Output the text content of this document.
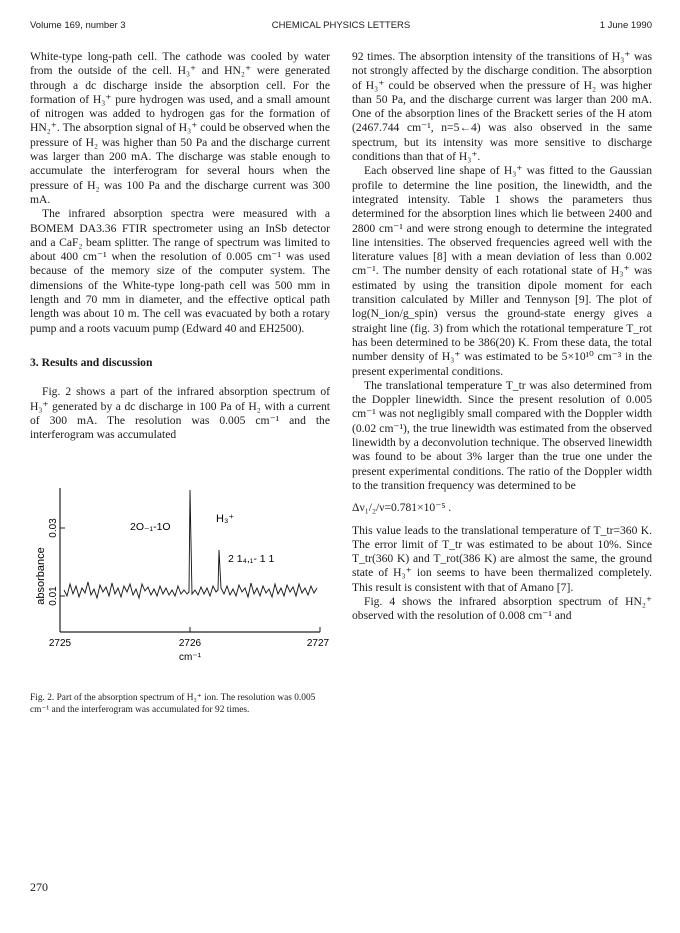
Volume 169, number 3	CHEMICAL PHYSICS LETTERS	1 June 1990

White-type long-path cell. The cathode was cooled by water from the outside of the cell. H₃⁺ and HN₂⁺ were generated through a dc discharge inside the absorption cell. For the formation of H₃⁺ pure hydrogen was used, and a small amount of nitrogen was added to hydrogen gas for the formation of HN₂⁺. The absorption signal of H₃⁺ could be observed when the pressure of H₂ was higher than 50 Pa and the discharge current was larger than 200 mA. The discharge was stable enough to accumulate the interferogram for several hours when the pressure of H₂ was 100 Pa and the discharge current was 300 mA.

The infrared absorption spectra were measured with a BOMEM DA3.36 FTIR spectrometer using an InSb detector and a CaF₂ beam splitter. The range of spectrum was limited to about 400 cm⁻¹ when the resolution of 0.005 cm⁻¹ was used because of the memory size of the computer system. The dimensions of the White-type long-path cell was 500 mm in length and 70 mm in diameter, and the effective optical path length was about 10 m. The cell was evacuated by both a rotary pump and a roots vacuum pump (Edward 40 and EH2500).

3. Results and discussion

Fig. 2 shows a part of the infrared absorption spectrum of H₃⁺ generated by a dc discharge in 100 Pa of H₂ with a current of 300 mA. The resolution was 0.005 cm⁻¹ and the interferogram was accumulated

absorbance
0.03
0.01
2725	2726	2727
cm⁻¹
2O₋₁-1O
2 1₄,₁- 1 1
H₃⁺
Fig. 2. Part of the absorption spectrum of H₃⁺ ion. The resolution was 0.005 cm⁻¹ and the interferogram was accumulated for 92 times.

92 times. The absorption intensity of the transitions of H₃⁺ was not strongly affected by the discharge condition. The absorption of H₃⁺ could be observed when the pressure of H₂ was higher than 50 Pa, and the discharge current was larger than 200 mA. One of the absorption lines of the Brackett series of the H atom (2467.744 cm⁻¹, n=5←4) was also observed in the same spectrum, but its intensity was more sensitive to discharge conditions than that of H₃⁺.

Each observed line shape of H₃⁺ was fitted to the Gaussian profile to determine the line position, the linewidth, and the integrated intensity. Table 1 shows the parameters thus determined for the absorption lines which lie between 2400 and 2800 cm⁻¹ and were strong enough to determine the integrated line intensities. The observed frequencies agreed well with the literature values [8] with a mean deviation of less than 0.002 cm⁻¹. The number density of each rotational state of H₃⁺ was estimated by using the transition dipole moment for each transition calculated by Miller and Tennyson [9]. The plot of log(N_ion/g_spin) versus the ground-state energy gives a straight line (fig. 3) from which the rotational temperature T_rot has been determined to be 386(20) K. From these data, the total number density of H₃⁺ was estimated to be 5×10¹⁰ cm⁻³ in the present experimental conditions.

The translational temperature T_tr was also determined from the Doppler linewidth. Since the present resolution of 0.005 cm⁻¹ was not negligibly small compared with the Doppler width (0.02 cm⁻¹), the true linewidth was estimated from the observed linewidth by a deconvolution technique. The observed linewidth was found to be about 3% larger than the true one under the present experimental conditions. The ratio of the Doppler width to the transition frequency was determined to be

Δν₁/₂/ν=0.781×10⁻⁵ .

This value leads to the translational temperature of T_tr=360 K. The error limit of T_tr was estimated to be about 10%. Since T_tr(360 K) and T_rot(386 K) are almost the same, the ground state of H₃⁺ ion seems to have been thermalized completely. This result is consistent with that of Amano [7].

Fig. 4 shows the infrared absorption spectrum of HN₂⁺ observed with the resolution of 0.008 cm⁻¹ and

270
